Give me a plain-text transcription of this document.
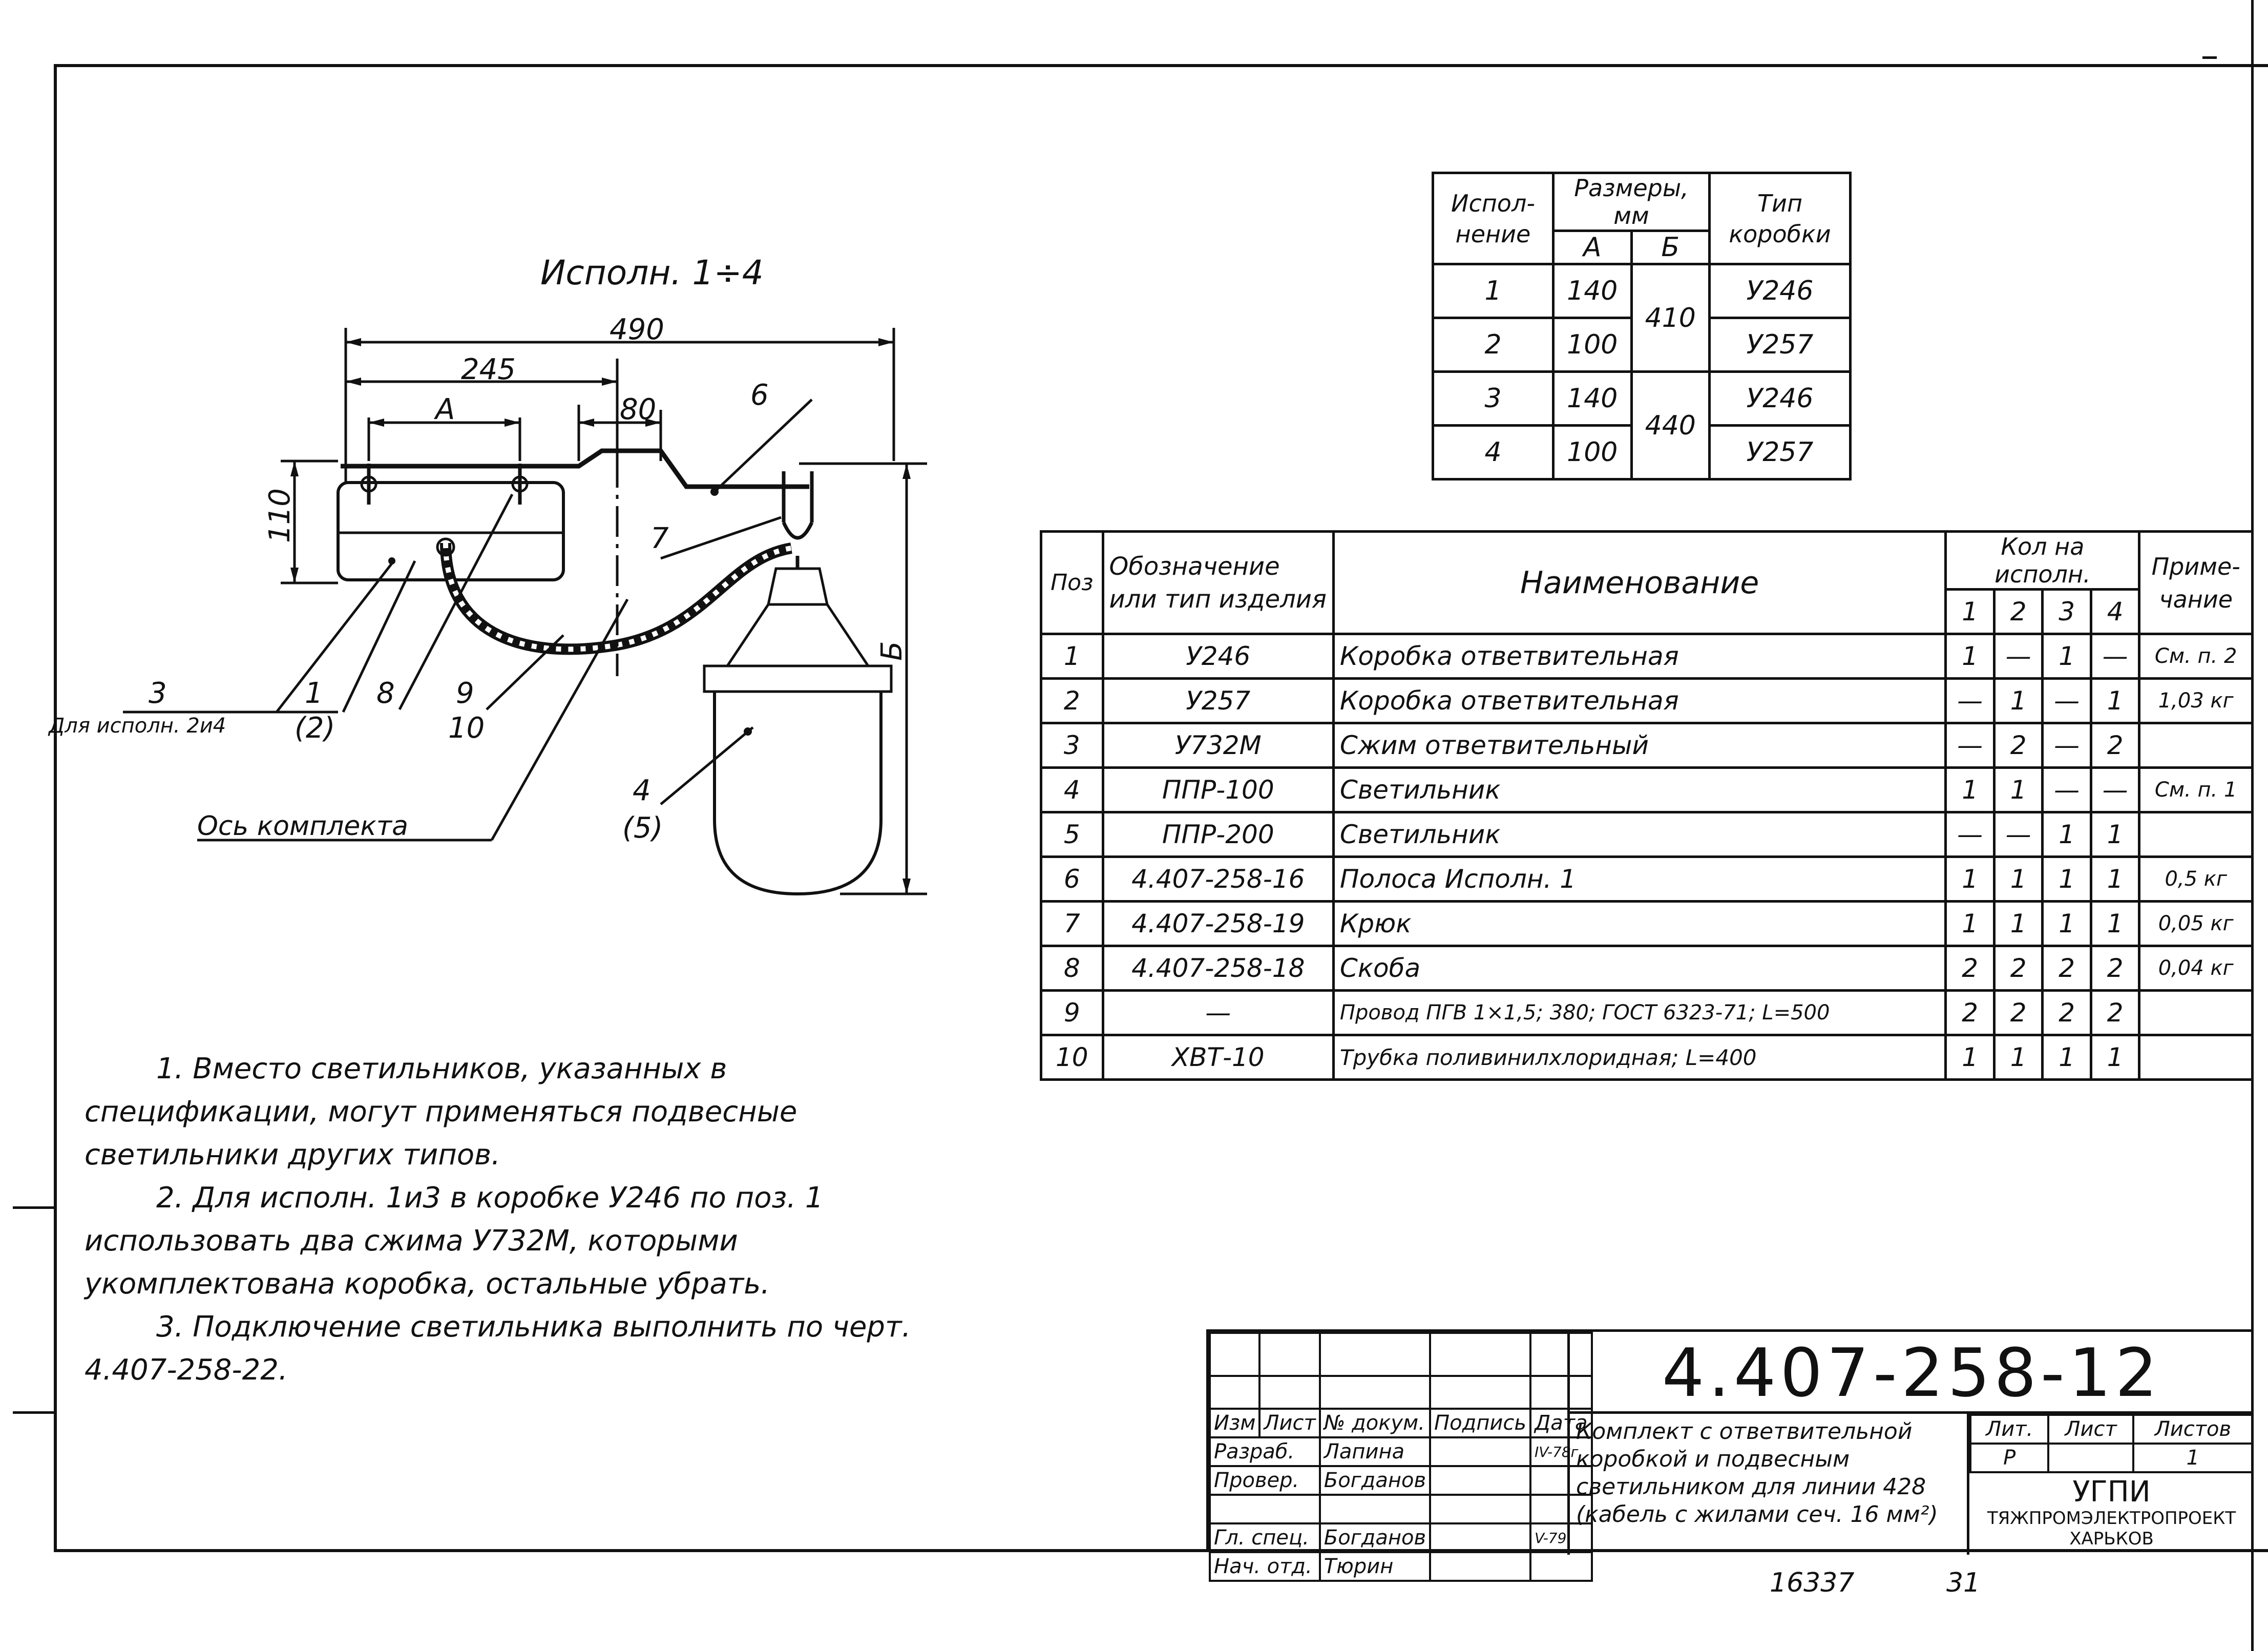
Исполн. 1÷4
490
245
A	80
110
Б
6
7
3
Для исполн. 2и4
1
(2)
8 9
10
4
(5)
Ось комплекта
Испол-нение	Размеры, мм		Тип коробки
	А	Б	
1	140	410	У246
2	100		У257
3	140	440	У246
4	100		У257
Поз	Обозначение или тип изделия	Наименование	Кол на исполн.				Приме-чание
			1	2	3	4	
1	У246	Коробка ответвительная	1	—	1	—	См. п. 2
2	У257	Коробка ответвительная	—	1	—	1	1,03 кг
3	У732М	Сжим ответвительный	—	2	—	2	
4	ППР-100	Светильник	1	1	—	—	См. п. 1
5	ППР-200	Светильник	—	—	1	1	
6	4.407-258-16	Полоса Исполн. 1	1	1	1	1	0,5 кг
7	4.407-258-19	Крюк	1	1	1	1	0,05 кг
8	4.407-258-18	Скоба	2	2	2	2	0,04 кг
9	—	Провод ПГВ 1×1,5; 380; ГОСТ 6323-71; L=500	2	2	2	2	
10	ХВТ-10	Трубка поливинилхлоридная; L=400	1	1	1	1	

1. Вместо светильников, указанных в спецификации, могут применяться подвесные светильники других типов.

2. Для исполн. 1и3 в коробке У246 по поз. 1 использовать два сжима У732М, которыми укомплектована коробка, остальные убрать.

3. Подключение светильника выполнить по черт. 4.407-258-22.

Изм	Лист	№ докум.	Подпись	Дата
Разраб.		Лапина		IV-78г
Провер.		Богданов		

Гл. спец.		Богданов		V-79
Нач. отд.		Тюрин		
4.407-258-12
Комплект с ответвительной коробкой и подвесным светильником для линии 428 (кабель с жилами сеч. 16 мм²)
Лит.	Лист	Листов
Р		1
УГПИ
ТЯЖПРОМЭЛЕКТРОПРОЕКТ
ХАРЬКОВ
16337	31
